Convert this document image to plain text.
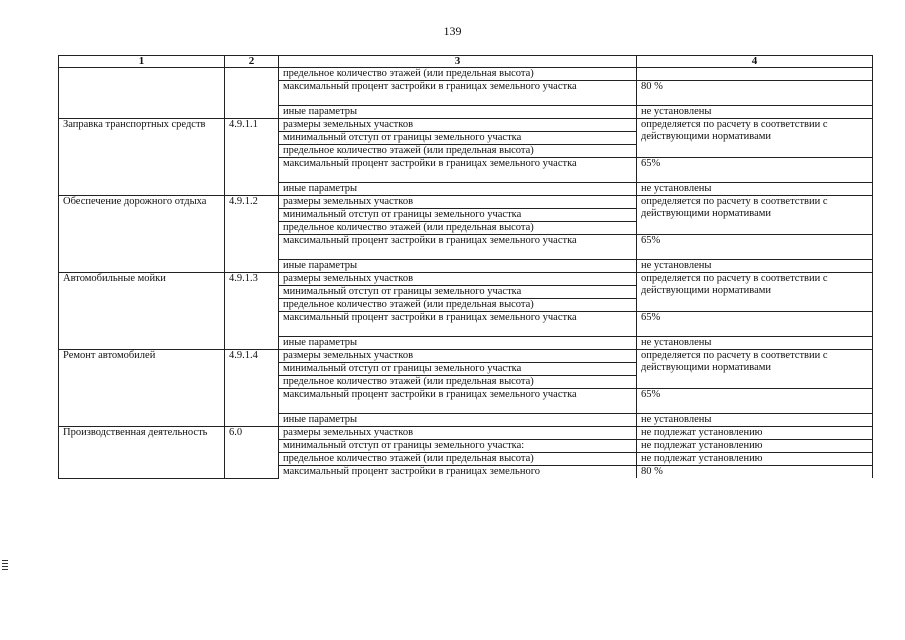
139
1	2	3	4
		предельное количество этажей (или предельная высота)	
		максимальный процент застройки в границах земельного участка	80 %
		иные параметры	не установлены
Заправка транспортных средств	4.9.1.1	размеры земельных участков	определяется по расчету в соответствии с действующими нормативами
		минимальный отступ от границы земельного участка	
		предельное количество этажей (или предельная высота)	
		максимальный процент застройки в границах земельного участка	65%
		иные параметры	не установлены
Обеспечение дорожного отдыха	4.9.1.2	размеры земельных участков	определяется по расчету в соответствии с действующими нормативами
		минимальный отступ от границы земельного участка	
		предельное количество этажей (или предельная высота)	
		максимальный процент застройки в границах земельного участка	65%
		иные параметры	не установлены
Автомобильные мойки	4.9.1.3	размеры земельных участков	определяется по расчету в соответствии с действующими нормативами
		минимальный отступ от границы земельного участка	
		предельное количество этажей (или предельная высота)	
		максимальный процент застройки в границах земельного участка	65%
		иные параметры	не установлены
Ремонт автомобилей	4.9.1.4	размеры земельных участков	определяется по расчету в соответствии с действующими нормативами
		минимальный отступ от границы земельного участка	
		предельное количество этажей (или предельная высота)	
		максимальный процент застройки в границах земельного участка	65%
		иные параметры	не установлены
Производственная деятельность	6.0	размеры земельных участков	не подлежат установлению
		минимальный отступ от границы земельного участка:	не подлежат установлению
		предельное количество этажей (или предельная высота)	не подлежат установлению
		максимальный процент застройки в границах земельного	80 %
